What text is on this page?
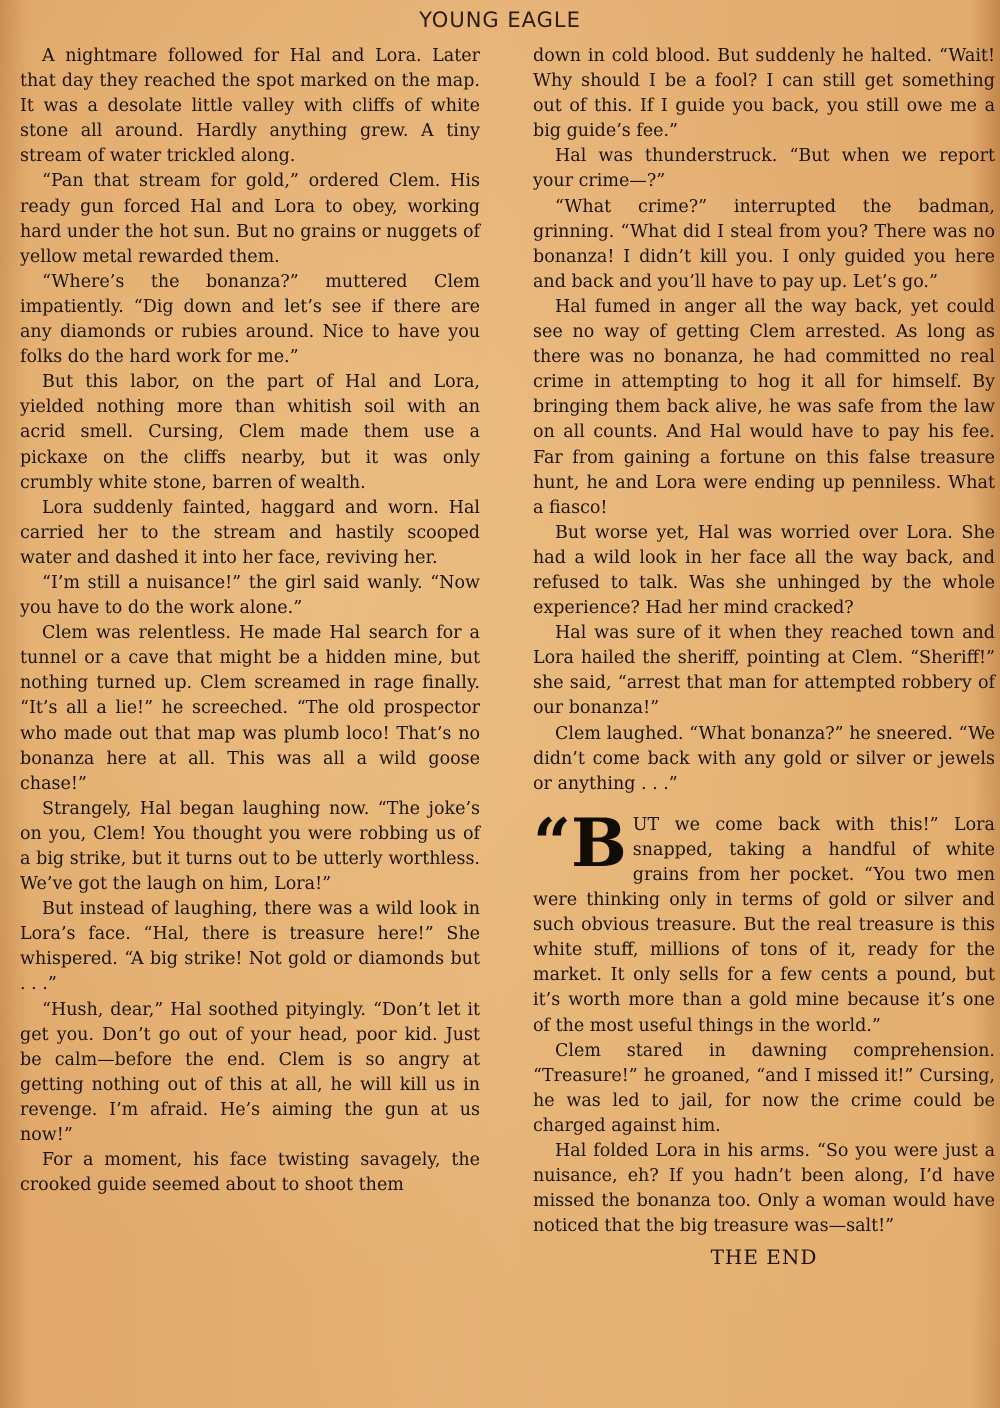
YOUNG EAGLE

A nightmare followed for Hal and Lora. Later that day they reached the spot marked on the map. It was a desolate little valley with cliffs of white stone all around. Hardly anything grew. A tiny stream of water trickled along.

“Pan that stream for gold,” ordered Clem. His ready gun forced Hal and Lora to obey, working hard under the hot sun. But no grains or nuggets of yellow metal rewarded them.

“Where’s the bonanza?” muttered Clem impatiently. “Dig down and let’s see if there are any diamonds or rubies around. Nice to have you folks do the hard work for me.”

But this labor, on the part of Hal and Lora, yielded nothing more than whitish soil with an acrid smell. Cursing, Clem made them use a pickaxe on the cliffs nearby, but it was only crumbly white stone, barren of wealth.

Lora suddenly fainted, haggard and worn. Hal carried her to the stream and hastily scooped water and dashed it into her face, reviving her.

“I’m still a nuisance!” the girl said wanly. “Now you have to do the work alone.”

Clem was relentless. He made Hal search for a tunnel or a cave that might be a hidden mine, but nothing turned up. Clem screamed in rage finally. “It’s all a lie!” he screeched. “The old prospector who made out that map was plumb loco! That’s no bonanza here at all. This was all a wild goose chase!”

Strangely, Hal began laughing now. “The joke’s on you, Clem! You thought you were robbing us of a big strike, but it turns out to be utterly worthless. We’ve got the laugh on him, Lora!”

But instead of laughing, there was a wild look in Lora’s face. “Hal, there is treasure here!” She whispered. “A big strike! Not gold or diamonds but . . .”

“Hush, dear,” Hal soothed pityingly. “Don’t let it get you. Don’t go out of your head, poor kid. Just be calm—before the end. Clem is so angry at getting nothing out of this at all, he will kill us in revenge. I’m afraid. He’s aiming the gun at us now!”

For a moment, his face twisting savagely, the crooked guide seemed about to shoot them

down in cold blood. But suddenly he halted. “Wait! Why should I be a fool? I can still get something out of this. If I guide you back, you still owe me a big guide’s fee.”

Hal was thunderstruck. “But when we report your crime—?”

“What crime?” interrupted the badman, grinning. “What did I steal from you? There was no bonanza! I didn’t kill you. I only guided you here and back and you’ll have to pay up. Let’s go.”

Hal fumed in anger all the way back, yet could see no way of getting Clem arrested. As long as there was no bonanza, he had committed no real crime in attempting to hog it all for himself. By bringing them back alive, he was safe from the law on all counts. And Hal would have to pay his fee. Far from gaining a fortune on this false treasure hunt, he and Lora were ending up penniless. What a fiasco!

But worse yet, Hal was worried over Lora. She had a wild look in her face all the way back, and refused to talk. Was she unhinged by the whole experience? Had her mind cracked?

Hal was sure of it when they reached town and Lora hailed the sheriff, pointing at Clem. “Sheriff!” she said, “arrest that man for attempted robbery of our bonanza!”

Clem laughed. “What bonanza?” he sneered. “We didn’t come back with any gold or silver or jewels or anything . . .”

“B UT we come back with this!” Lora snapped, taking a handful of white grains from her pocket. “You two men were thinking only in terms of gold or silver and such obvious treasure. But the real treasure is this white stuff, millions of tons of it, ready for the market. It only sells for a few cents a pound, but it’s worth more than a gold mine because it’s one of the most useful things in the world.”

Clem stared in dawning comprehension. “Treasure!” he groaned, “and I missed it!” Cursing, he was led to jail, for now the crime could be charged against him.

Hal folded Lora in his arms. “So you were just a nuisance, eh? If you hadn’t been along, I’d have missed the bonanza too. Only a woman would have noticed that the big treasure was—salt!”

THE END
